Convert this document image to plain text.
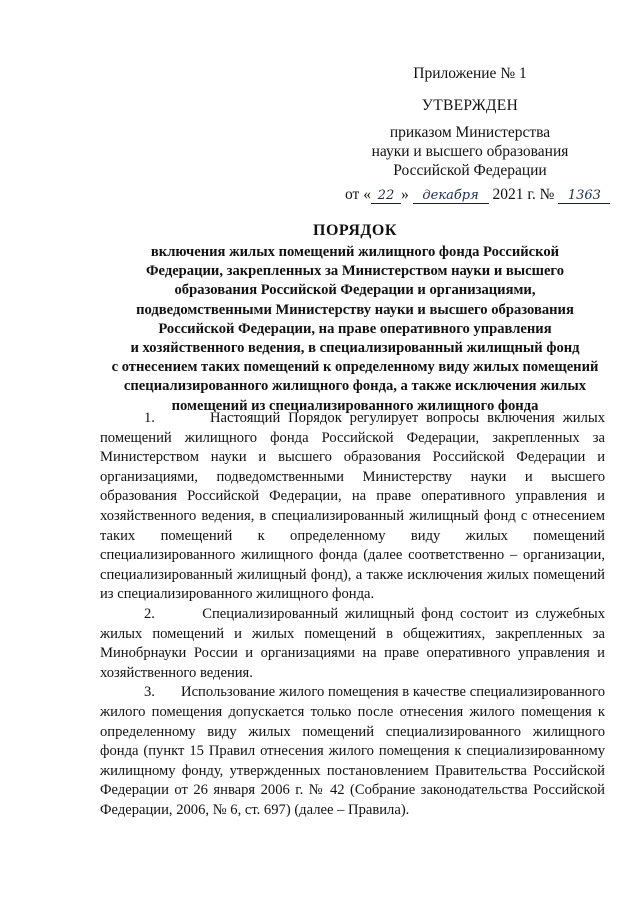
Приложение № 1
УТВЕРЖДЕН
приказом Министерства
науки и высшего образования
Российской Федерации
от « 22 » декабря 2021 г. № 1363
ПОРЯДОК
включения жилых помещений жилищного фонда Российской
Федерации, закрепленных за Министерством науки и высшего
образования Российской Федерации и организациями,
подведомственными Министерству науки и высшего образования
Российской Федерации, на праве оперативного управления
и хозяйственного ведения, в специализированный жилищный фонд
с отнесением таких помещений к определенному виду жилых помещений
специализированного жилищного фонда, а также исключения жилых
помещений из специализированного жилищного фонда

1.       Настоящий Порядок регулирует вопросы включения жилых помещений жилищного фонда Российской Федерации, закрепленных за Министерством науки и высшего образования Российской Федерации и организациями, подведомственными Министерству науки и высшего образования Российской Федерации, на праве оперативного управления и хозяйственного ведения, в специализированный жилищный фонд с отнесением таких помещений к определенному виду жилых помещений специализированного жилищного фонда (далее соответственно – организации, специализированный жилищный фонд), а также исключения жилых помещений из специализированного жилищного фонда.

2.       Специализированный жилищный фонд состоит из служебных жилых помещений и жилых помещений в общежитиях, закрепленных за Минобрнауки России и организациями на праве оперативного управления и хозяйственного ведения.

3.       Использование жилого помещения в качестве специализированного жилого помещения допускается только после отнесения жилого помещения к определенному виду жилых помещений специализированного жилищного фонда (пункт 15 Правил отнесения жилого помещения к специализированному жилищному фонду, утвержденных постановлением Правительства Российской Федерации от 26 января 2006 г. № 42 (Собрание законодательства Российской Федерации, 2006, № 6, ст. 697) (далее – Правила).
